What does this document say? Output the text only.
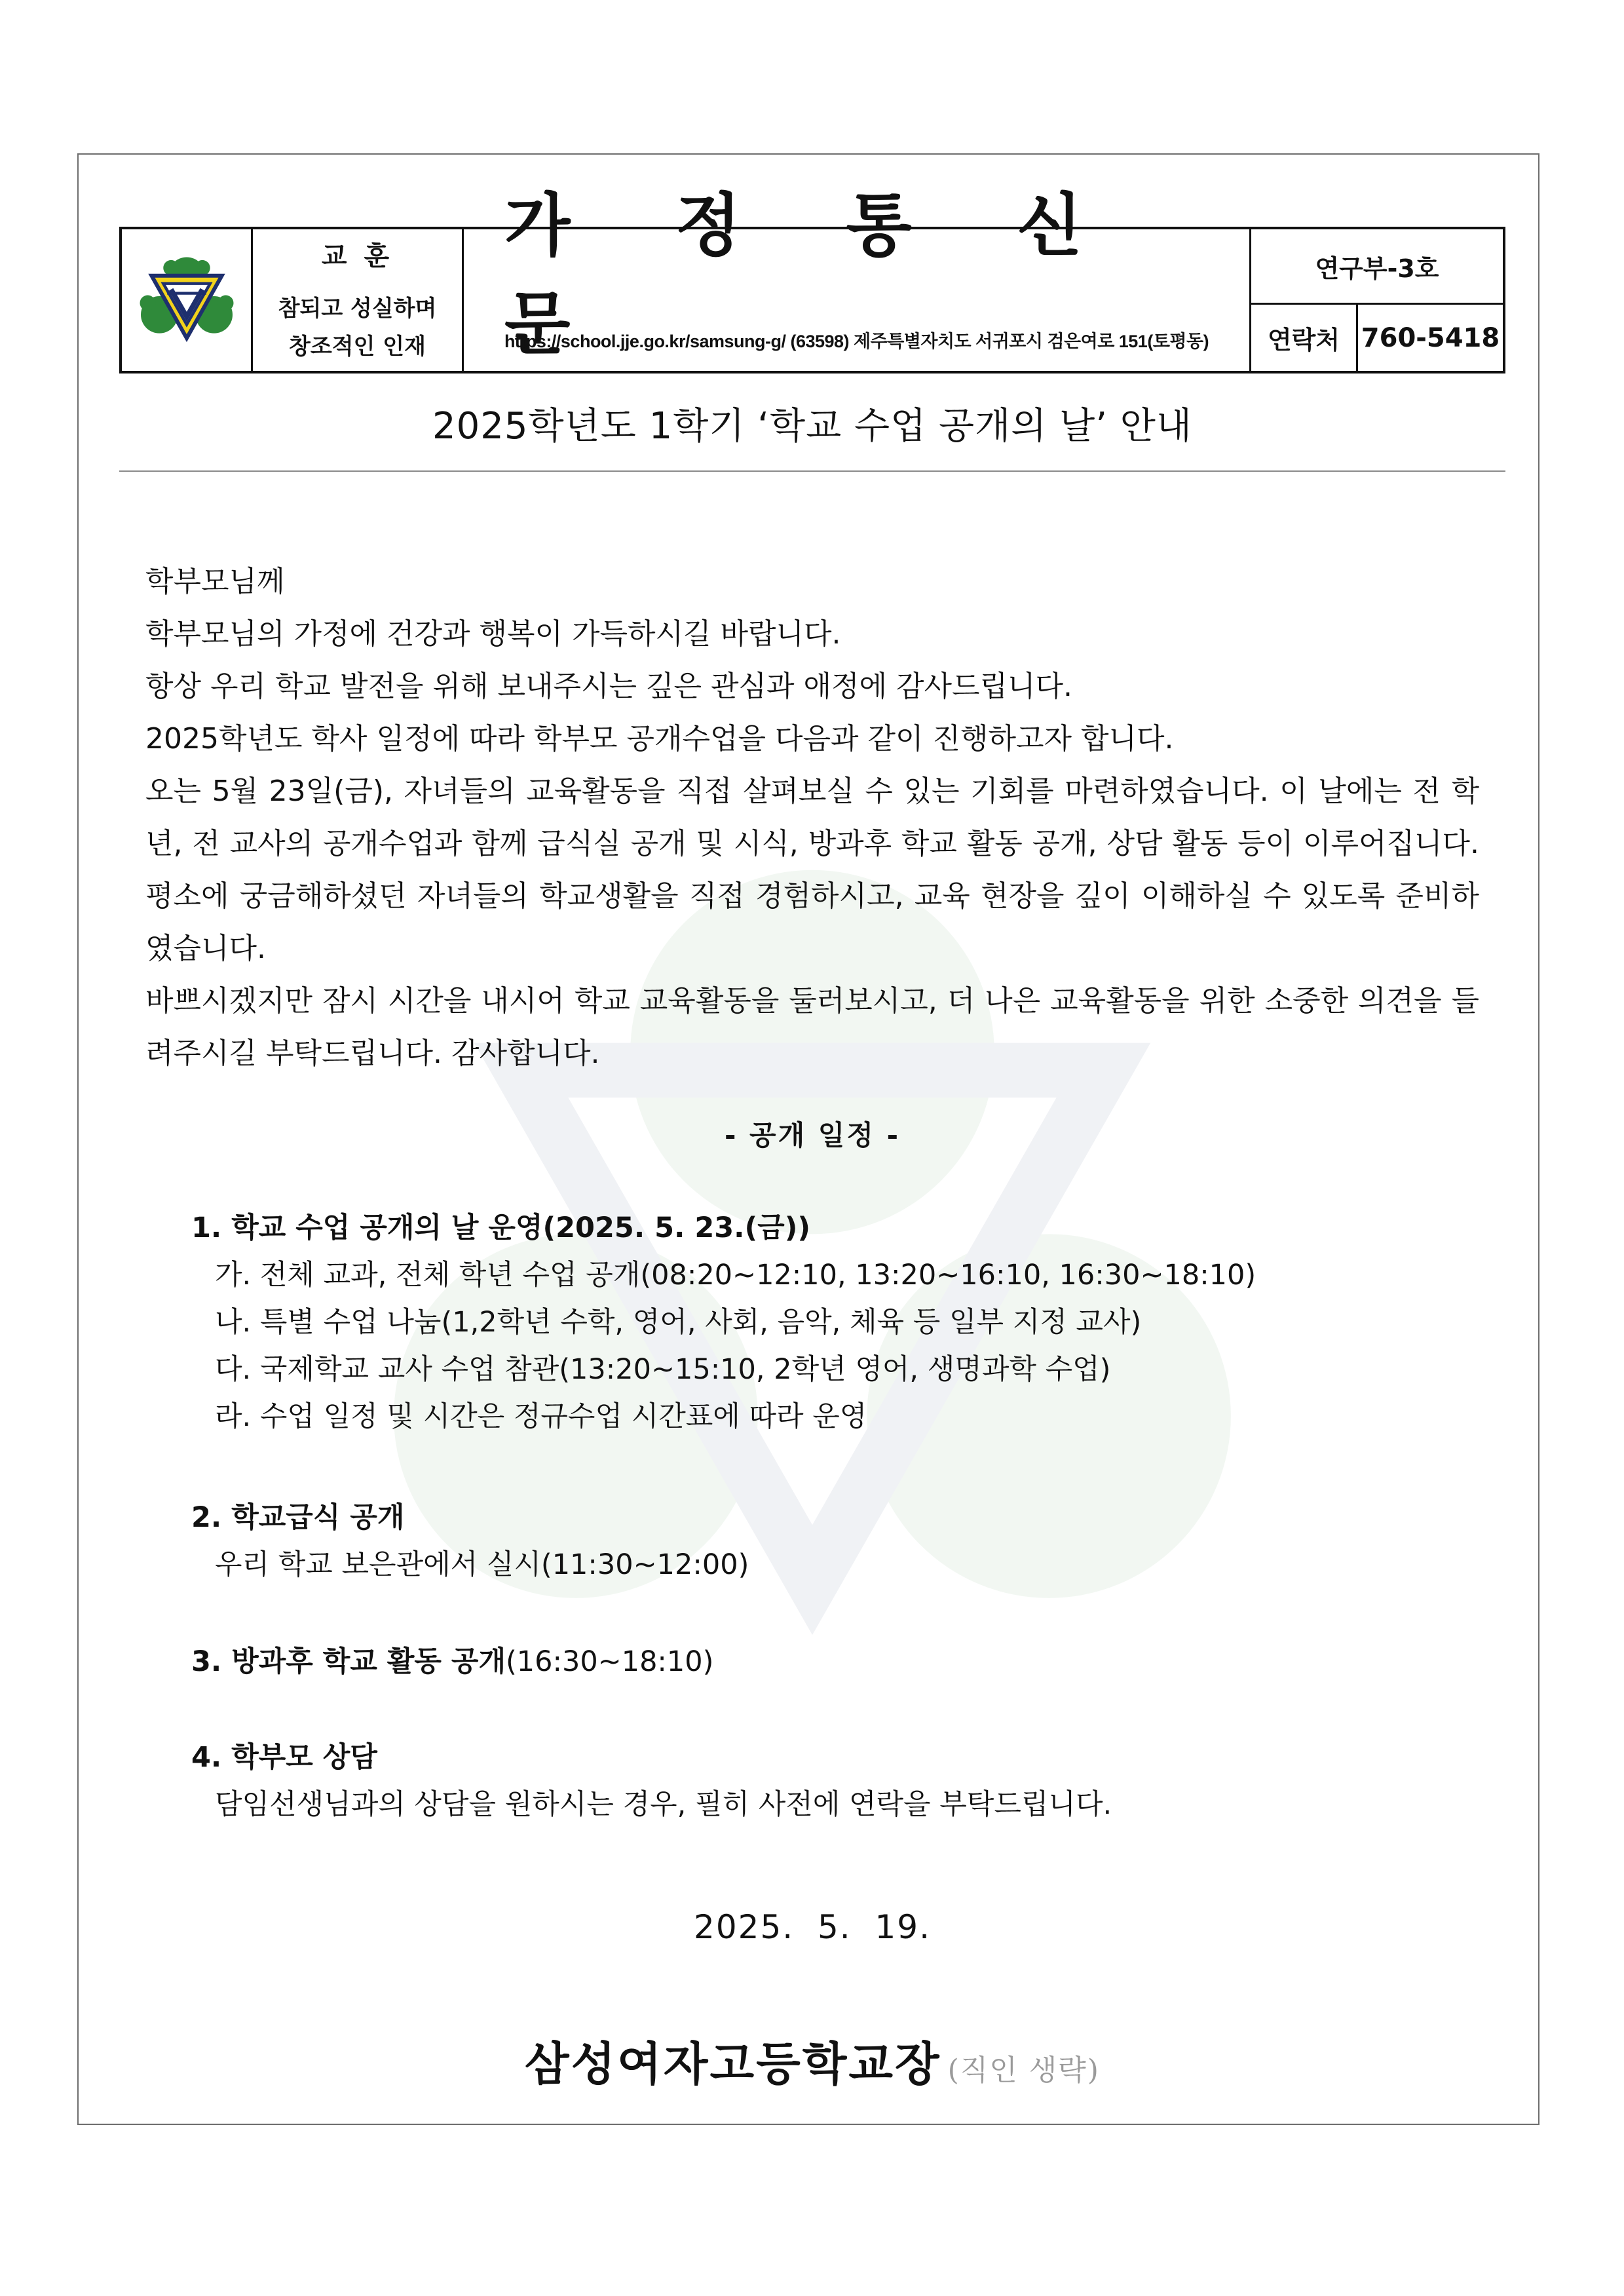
교 훈
참되고 성실하며
창조적인 인재
가 정 통 신 문
https://school.jje.go.kr/samsung-g/ (63598) 제주특별자치도 서귀포시 검은여로 151(토평동)
연구부-3호
연락처 760-5418
2025학년도 1학기 ‘학교 수업 공개의 날’ 안내

학부모님께

학부모님의 가정에 건강과 행복이 가득하시길 바랍니다.

항상 우리 학교 발전을 위해 보내주시는 깊은 관심과 애정에 감사드립니다.

2025학년도 학사 일정에 따라 학부모 공개수업을 다음과 같이 진행하고자 합니다.

오는 5월 23일(금), 자녀들의 교육활동을 직접 살펴보실 수 있는 기회를 마련하였습니다. 이 날에는 전 학년, 전 교사의 공개수업과 함께 급식실 공개 및 시식, 방과후 학교 활동 공개, 상담 활동 등이 이루어집니다. 평소에 궁금해하셨던 자녀들의 학교생활을 직접 경험하시고, 교육 현장을 깊이 이해하실 수 있도록 준비하였습니다.

바쁘시겠지만 잠시 시간을 내시어 학교 교육활동을 둘러보시고, 더 나은 교육활동을 위한 소중한 의견을 들려주시길 부탁드립니다. 감사합니다.

- 공개 일정 -
1. 학교 수업 공개의 날 운영(2025. 5. 23.(금))
가. 전체 교과, 전체 학년 수업 공개(08:20~12:10, 13:20~16:10, 16:30~18:10)
나. 특별 수업 나눔(1,2학년 수학, 영어, 사회, 음악, 체육 등 일부 지정 교사)
다. 국제학교 교사 수업 참관(13:20~15:10, 2학년 영어, 생명과학 수업)
라. 수업 일정 및 시간은 정규수업 시간표에 따라 운영
2. 학교급식 공개
우리 학교 보은관에서 실시(11:30~12:00)
3. 방과후 학교 활동 공개(16:30~18:10)
4. 학부모 상담
담임선생님과의 상담을 원하시는 경우, 필히 사전에 연락을 부탁드립니다.
2025.  5.  19.
삼성여자고등학교장 (직인 생략)
